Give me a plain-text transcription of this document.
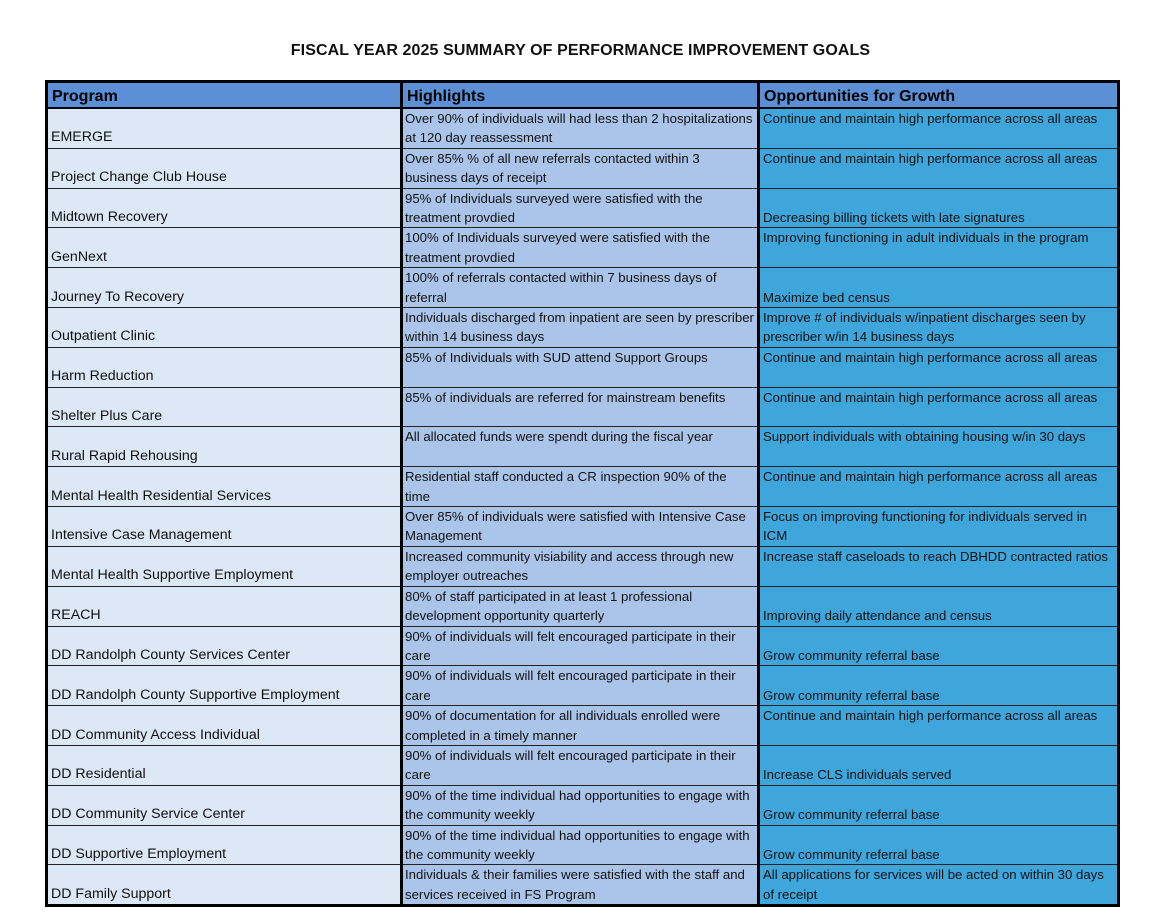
FISCAL YEAR 2025 SUMMARY OF PERFORMANCE IMPROVEMENT GOALS
Program	Highlights	Opportunities for Growth
EMERGE	Over 90% of individuals will had less than 2 hospitalizations at 120 day reassessment	Continue and maintain high performance across all areas
Project Change Club House	Over 85% % of all new referrals contacted within 3 business days of receipt	Continue and maintain high performance across all areas
Midtown Recovery	95% of Individuals surveyed were satisfied with the treatment provdied	Decreasing billing tickets with late signatures
GenNext	100% of Individuals surveyed were satisfied with the treatment provdied	Improving functioning in adult individuals in the program
Journey To Recovery	100% of referrals contacted within 7 business days of referral	Maximize bed census
Outpatient Clinic	Individuals discharged from inpatient are seen by prescriber within 14 business days	Improve # of individuals w/inpatient discharges seen by prescriber w/in 14 business days
Harm Reduction	85% of Individuals with SUD attend Support Groups	Continue and maintain high performance across all areas
Shelter Plus Care	85% of individuals are referred for mainstream benefits	Continue and maintain high performance across all areas
Rural Rapid Rehousing	All allocated funds were spendt during the fiscal year	Support individuals with obtaining housing w/in 30 days
Mental Health Residential Services	Residential staff conducted a CR inspection 90% of the time	Continue and maintain high performance across all areas
Intensive Case Management	Over 85% of individuals were satisfied with Intensive Case Management	Focus on improving functioning for individuals served in ICM
Mental Health Supportive Employment	Increased community visiability and access through new employer outreaches	Increase staff caseloads to reach DBHDD contracted ratios
REACH	80% of staff participated in at least 1 professional development opportunity quarterly	Improving daily attendance and census
DD Randolph County Services Center	90% of individuals will felt encouraged participate in their care	Grow community referral base
DD Randolph County Supportive Employment	90% of individuals will felt encouraged participate in their care	Grow community referral base
DD Community Access Individual	90% of documentation for all individuals enrolled were completed in a timely manner	Continue and maintain high performance across all areas
DD Residential	90% of individuals will felt encouraged participate in their care	Increase CLS individuals served
DD Community Service Center	90% of the time individual had opportunities to engage with the community weekly	Grow community referral base
DD Supportive Employment	90% of the time individual had opportunities to engage with the community weekly	Grow community referral base
DD Family Support	Individuals & their families were satisfied with the staff and services received in FS Program	All applications for services will be acted on within 30 days of receipt
